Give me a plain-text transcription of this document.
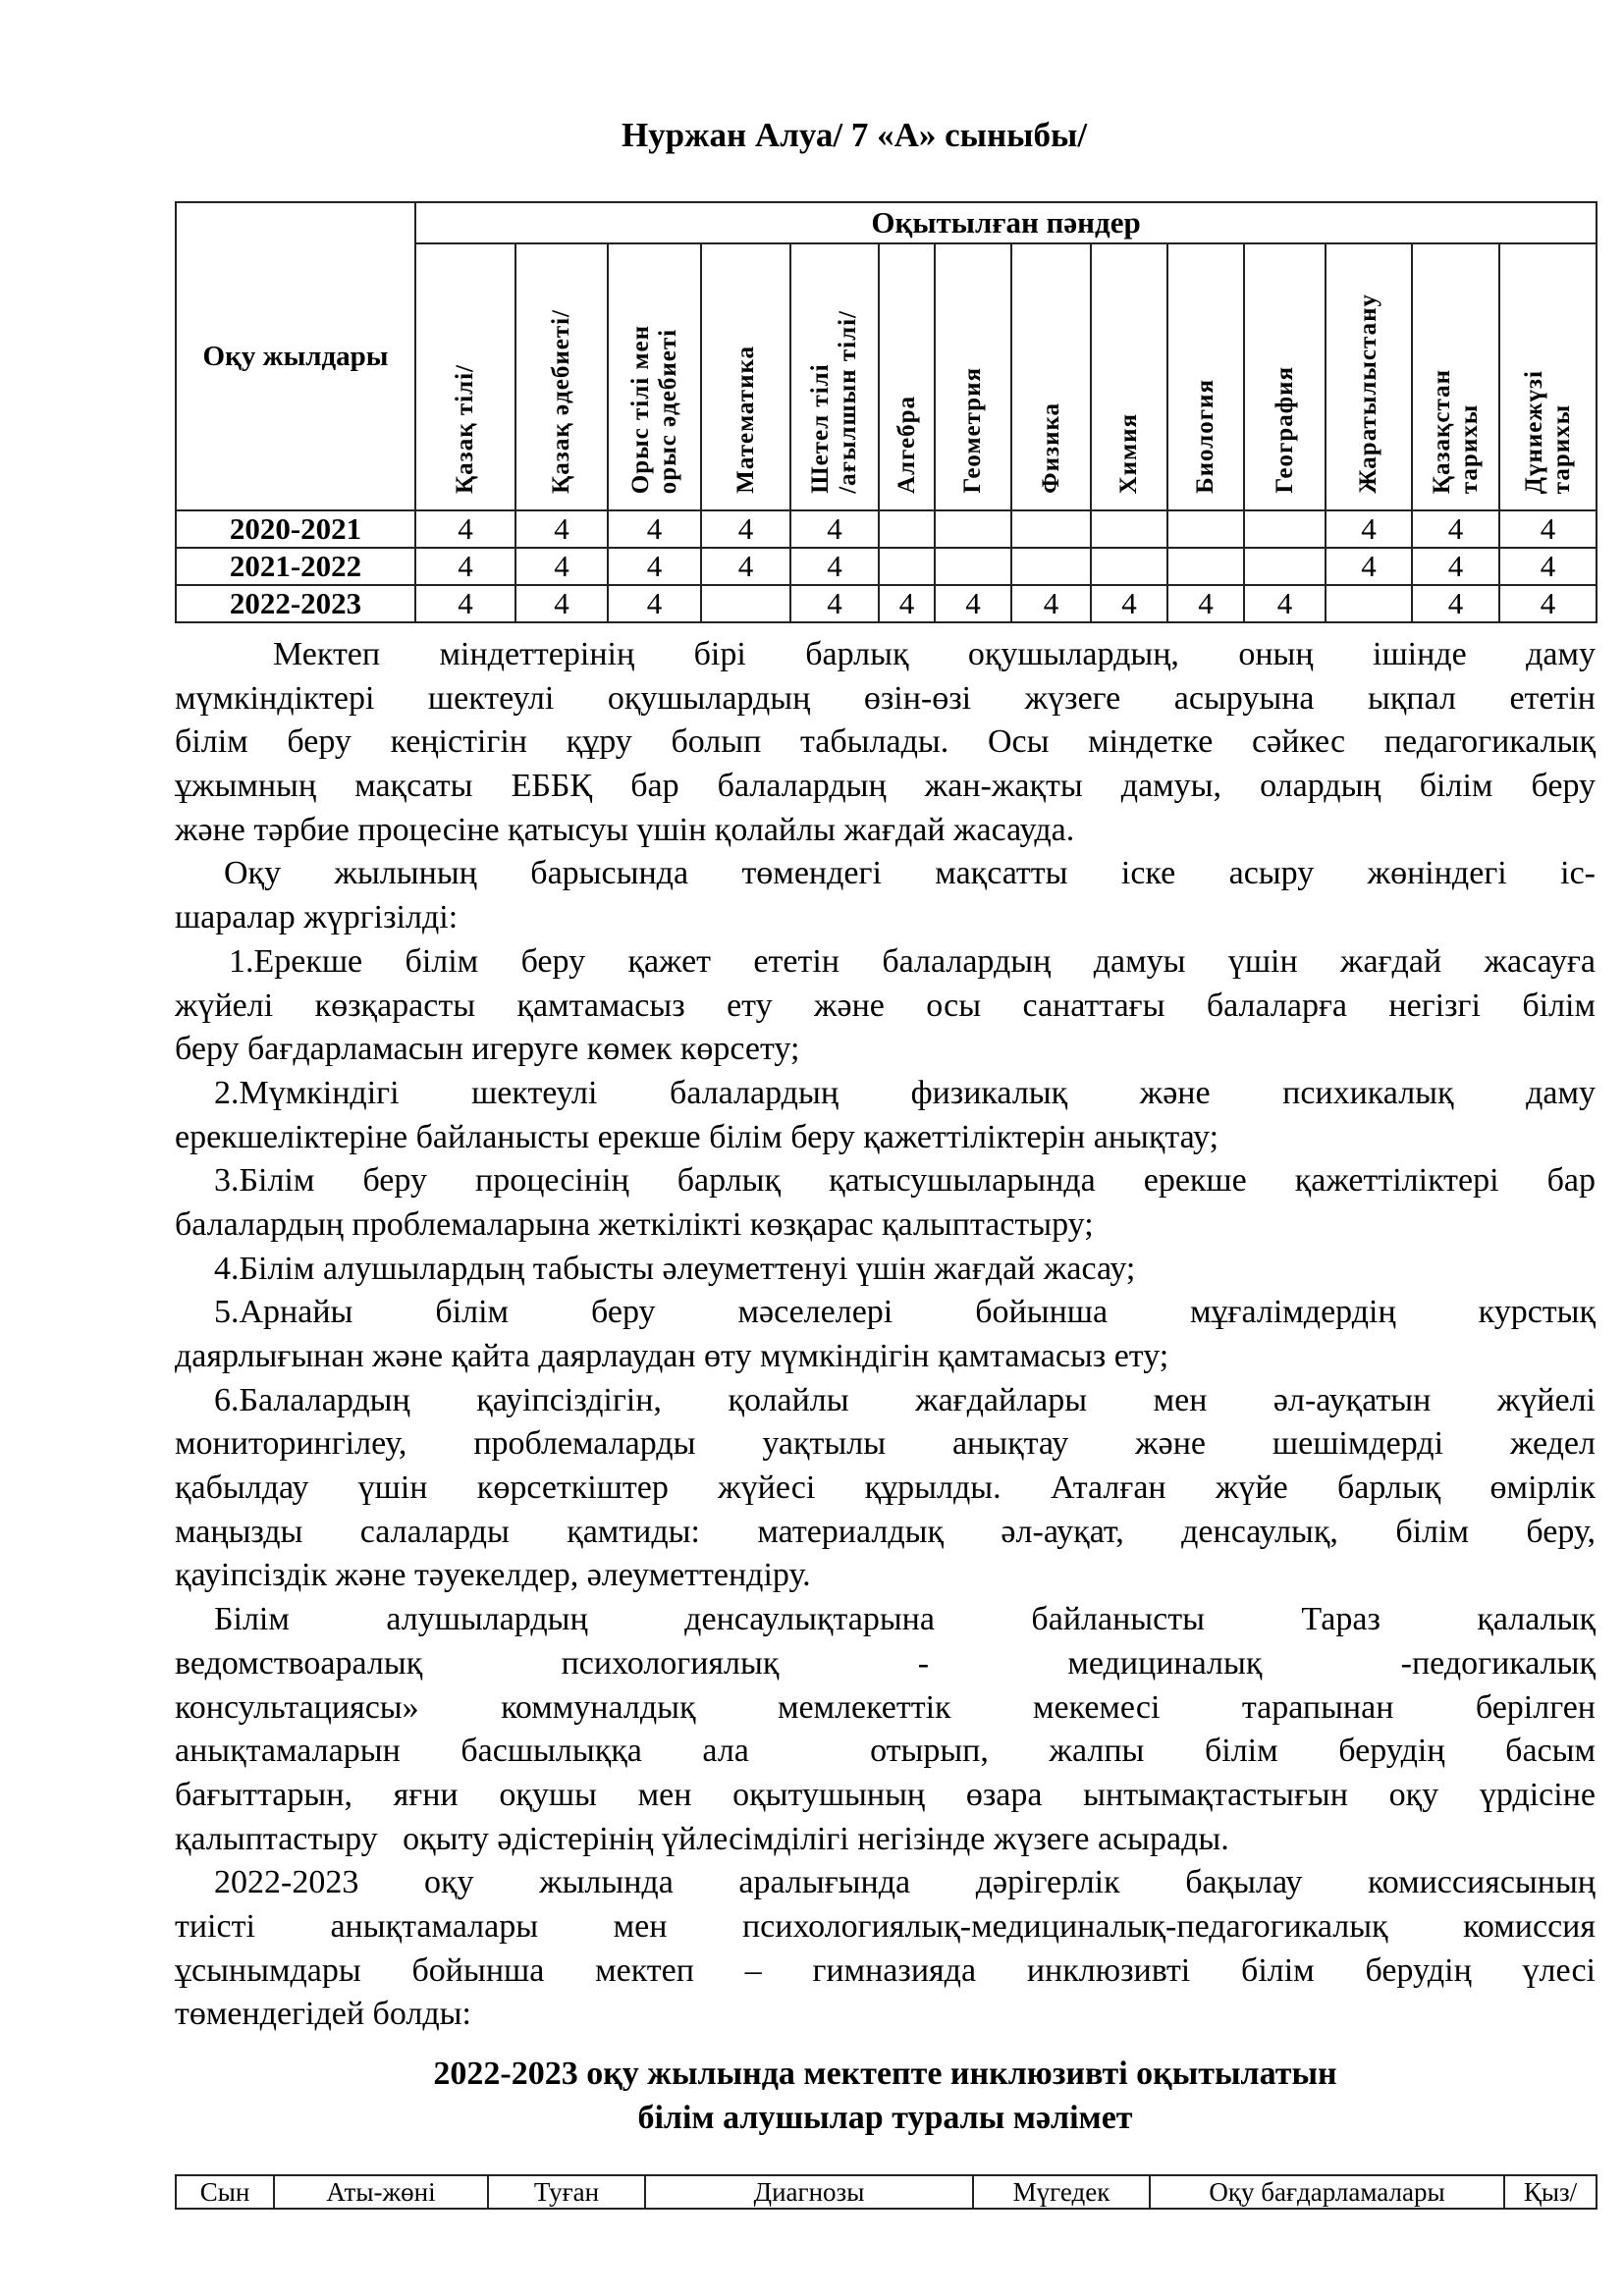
Нуржан Алуа/ 7 «А» сыныбы/
Оқу жылдары	Оқытылған пәндер													

	Қазақ тілі/	Қазақ әдебиеті/	Орыс тілі мен
орыс әдебиеті	Математика	Шетел тілі
/ағылшын тілі/	Алгебра	Геометрия	Физика	Химия	Биология	География	Жаратылыстану	Қазақстан
тарихы	Дүниежүзі
тарихы

2020-2021	4	4	4	4	4							4	4	4
2021-2022	4	4	4	4	4							4	4	4
2022-2023	4	4	4		4	4	4	4	4	4	4		4	4
Мектеп міндеттерінің бірі барлық оқушылардың, оның ішінде даму
мүмкіндіктері шектеулі оқушылардың өзін-өзі жүзеге асыруына ықпал ететін
білім беру кеңістігін құру болып табылады. Осы міндетке сәйкес педагогикалық
ұжымның мақсаты ЕББҚ бар балалардың жан-жақты дамуы, олардың білім беру
және тәрбие процесіне қатысуы үшін қолайлы жағдай жасауда.
Оқу жылының барысында төмендегі мақсатты іске асыру жөніндегі іс-
шаралар жүргізілді:
1.Ерекше білім беру қажет ететін балалардың дамуы үшін жағдай жасауға
жүйелі көзқарасты қамтамасыз ету және осы санаттағы балаларға негізгі білім
беру бағдарламасын игеруге көмек көрсету;
2.Мүмкіндігі шектеулі балалардың физикалық және психикалық даму
ерекшеліктеріне байланысты ерекше білім беру қажеттіліктерін анықтау;
3.Білім беру процесінің барлық қатысушыларында ерекше қажеттіліктері бар
балалардың проблемаларына жеткілікті көзқарас қалыптастыру;
4.Білім алушылардың табысты әлеуметтенуі үшін жағдай жасау;
5.Арнайы білім беру мәселелері бойынша мұғалімдердің курстық
даярлығынан және қайта даярлаудан өту мүмкіндігін қамтамасыз ету;
6.Балалардың қауіпсіздігін, қолайлы жағдайлары мен әл-ауқатын жүйелі
мониторингілеу, проблемаларды уақтылы анықтау және шешімдерді жедел
қабылдау үшін көрсеткіштер жүйесі құрылды. Аталған жүйе барлық өмірлік
маңызды салаларды қамтиды: материалдық әл-ауқат, денсаулық, білім беру,
қауіпсіздік және тәуекелдер, әлеуметтендіру.
Білім алушылардың денсаулықтарына байланысты Тараз қалалық
ведомствоаралық психологиялық - медициналық -педогикалық
консультациясы» коммуналдық мемлекеттік мекемесі тарапынан берілген
анықтамаларын басшылыққа ала  отырып, жалпы білім берудің басым
бағыттарын, яғни оқушы мен оқытушының өзара ынтымақтастығын оқу үрдісіне
қалыптастыру   оқыту әдістерінің үйлесімділігі негізінде жүзеге асырады.
2022-2023 оқу жылында аралығында дәрігерлік бақылау комиссиясының
тиісті анықтамалары мен психологиялық-медициналық-педагогикалық комиссия
ұсынымдары бойынша мектеп – гимназияда инклюзивті білім берудің үлесі
төмендегідей болды:
2022-2023 оқу жылында мектепте инклюзивті оқытылатын
білім алушылар туралы мәлімет
Сын	Аты-жөні	Туған	Диагнозы	Мүгедек	Оқу бағдарламалары	Қыз/
